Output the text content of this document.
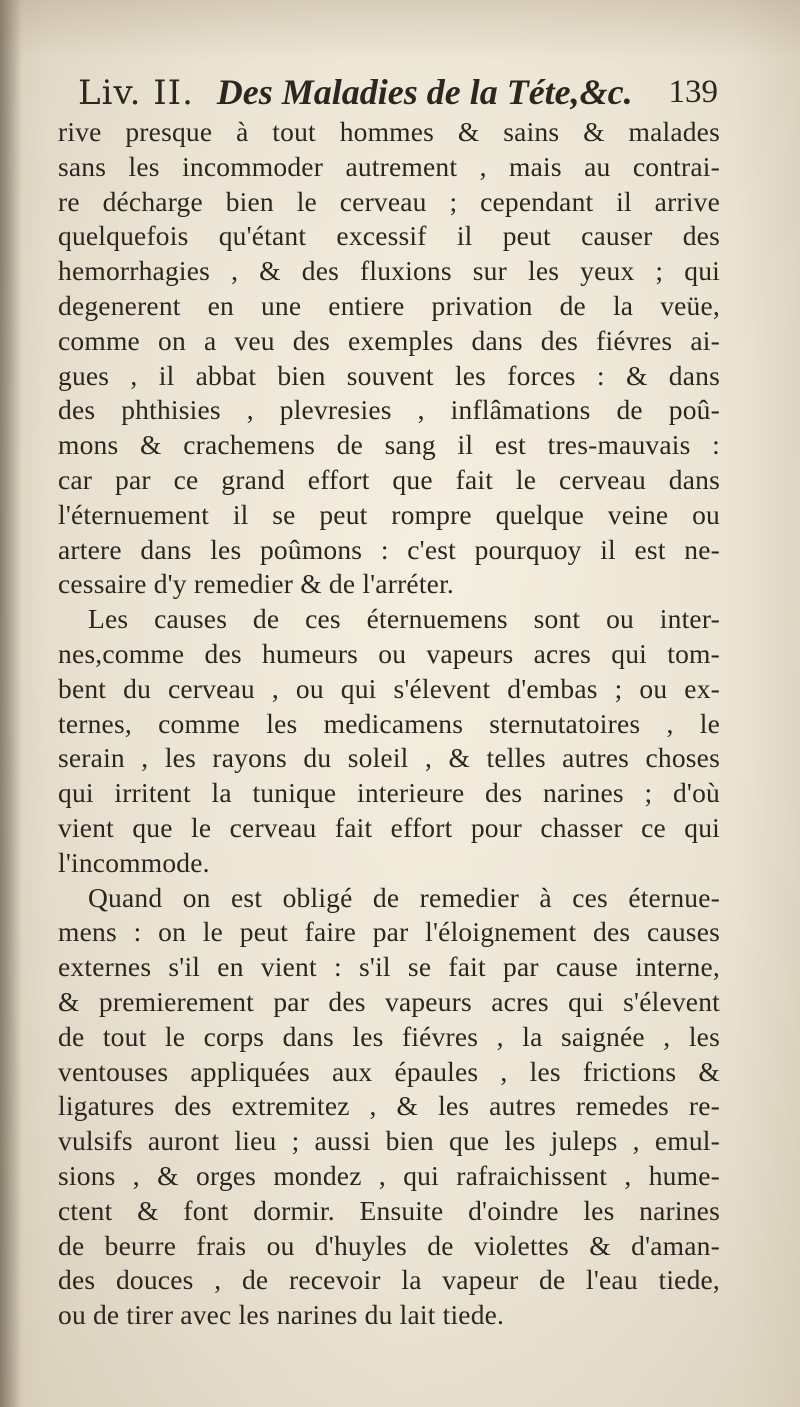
Liv. II. Des Maladies de la Téte,&c. 139
rive presque à tout hommes & sains & malades
sans les incommoder autrement , mais au contrai-
re décharge bien le cerveau ; cependant il arrive
quelquefois qu'étant excessif il peut causer des
hemorrhagies , & des fluxions sur les yeux ; qui
degenerent en une entiere privation de la veüe,
comme on a veu des exemples dans des fiévres ai-
gues , il abbat bien souvent les forces : & dans
des phthisies , plevresies , inflâmations de poû-
mons & crachemens de sang il est tres-mauvais :
car par ce grand effort que fait le cerveau dans
l'éternuement il se peut rompre quelque veine ou
artere dans les poûmons : c'est pourquoy il est ne-
cessaire d'y remedier & de l'arréter.
Les causes de ces éternuemens sont ou inter-
nes,comme des humeurs ou vapeurs acres qui tom-
bent du cerveau , ou qui s'élevent d'embas ; ou ex-
ternes, comme les medicamens sternutatoires , le
serain , les rayons du soleil , & telles autres choses
qui irritent la tunique interieure des narines ; d'où
vient que le cerveau fait effort pour chasser ce qui
l'incommode.
Quand on est obligé de remedier à ces éternue-
mens : on le peut faire par l'éloignement des causes
externes s'il en vient : s'il se fait par cause interne,
& premierement par des vapeurs acres qui s'élevent
de tout le corps dans les fiévres , la saignée , les
ventouses appliquées aux épaules , les frictions &
ligatures des extremitez , & les autres remedes re-
vulsifs auront lieu ; aussi bien que les juleps , emul-
sions , & orges mondez , qui rafraichissent , hume-
ctent & font dormir. Ensuite d'oindre les narines
de beurre frais ou d'huyles de violettes & d'aman-
des douces , de recevoir la vapeur de l'eau tiede,
ou de tirer avec les narines du lait tiede.
